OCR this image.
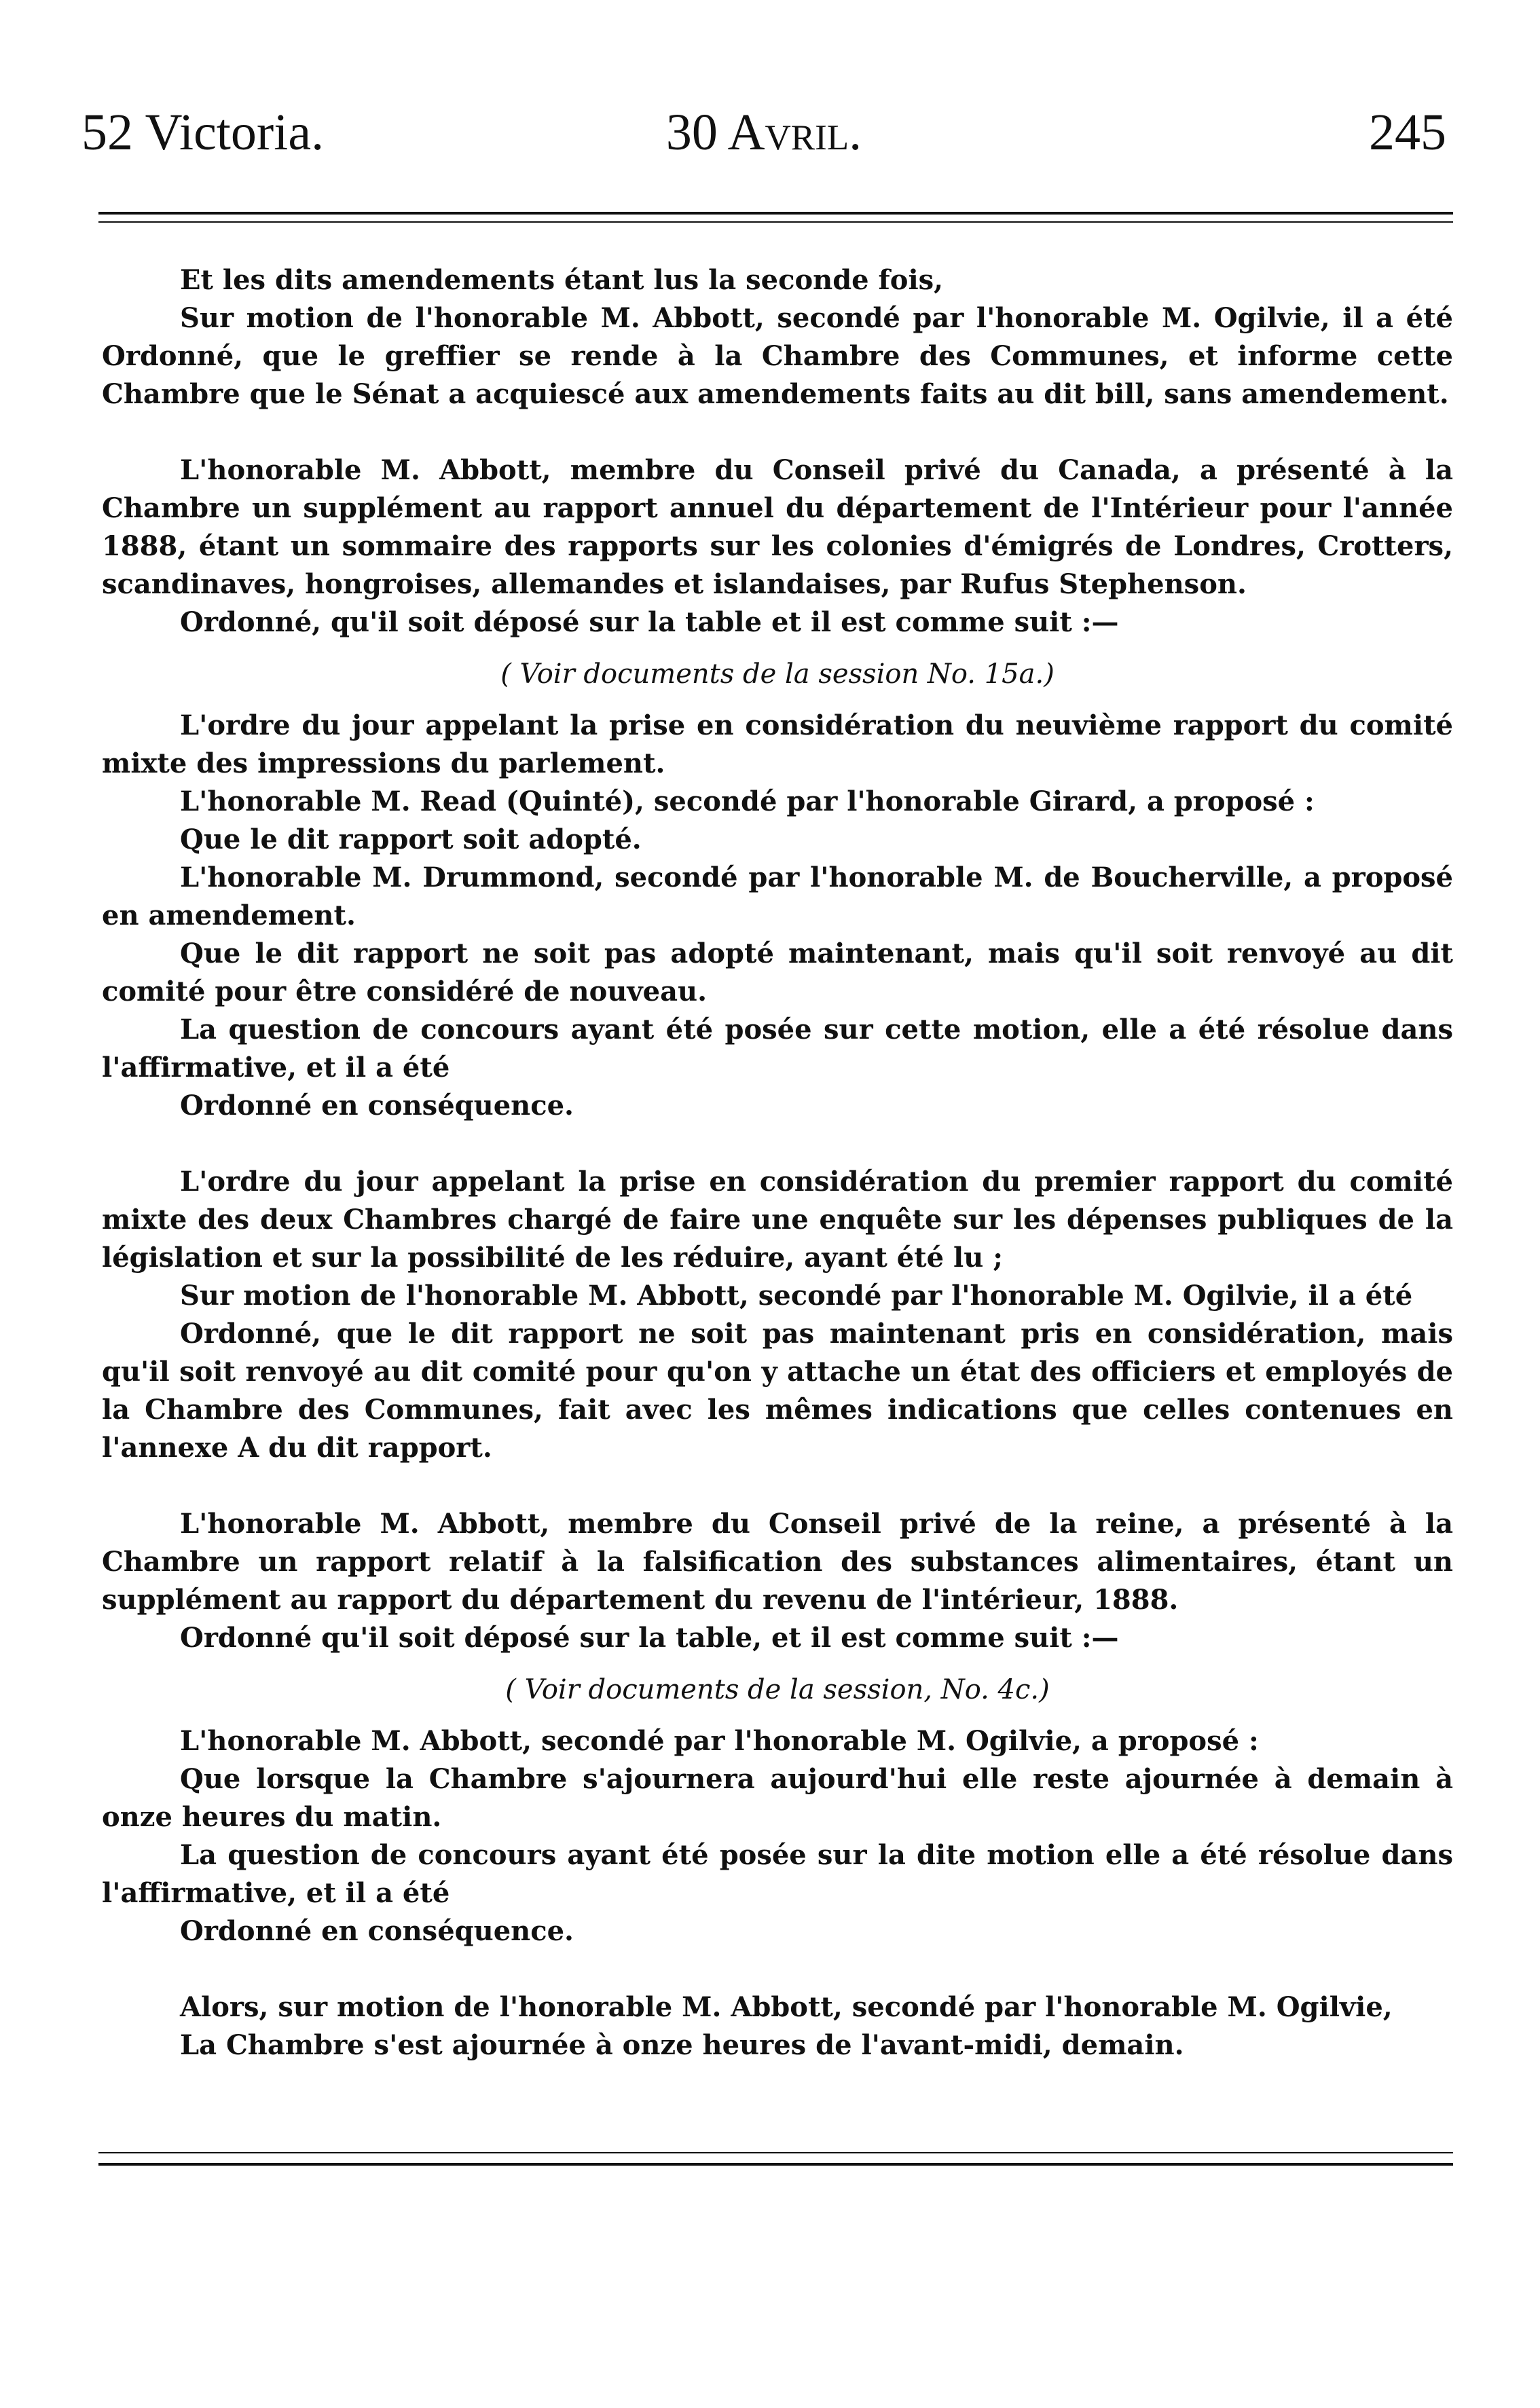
52 Victoria.	30 Avril.	245

Et les dits amendements étant lus la seconde fois,

Sur motion de l'honorable M. Abbott, secondé par l'honorable M. Ogilvie, il a été Ordonné, que le greffier se rende à la Chambre des Communes, et informe cette Chambre que le Sénat a acquiescé aux amendements faits au dit bill, sans amendement.

L'honorable M. Abbott, membre du Conseil privé du Canada, a présenté à la Chambre un supplément au rapport annuel du département de l'Intérieur pour l'année 1888, étant un sommaire des rapports sur les colonies d'émigrés de Londres, Crotters, scandinaves, hongroises, allemandes et islandaises, par Rufus Stephenson.

Ordonné, qu'il soit déposé sur la table et il est comme suit :—

( Voir documents de la session No. 15a.)

L'ordre du jour appelant la prise en considération du neuvième rapport du comité mixte des impressions du parlement.

L'honorable M. Read (Quinté), secondé par l'honorable Girard, a proposé :

Que le dit rapport soit adopté.

L'honorable M. Drummond, secondé par l'honorable M. de Boucherville, a proposé en amendement.

Que le dit rapport ne soit pas adopté maintenant, mais qu'il soit renvoyé au dit comité pour être considéré de nouveau.

La question de concours ayant été posée sur cette motion, elle a été résolue dans l'affirmative, et il a été

Ordonné en conséquence.

L'ordre du jour appelant la prise en considération du premier rapport du comité mixte des deux Chambres chargé de faire une enquête sur les dépenses publiques de la législation et sur la possibilité de les réduire, ayant été lu ;

Sur motion de l'honorable M. Abbott, secondé par l'honorable M. Ogilvie, il a été

Ordonné, que le dit rapport ne soit pas maintenant pris en considération, mais qu'il soit renvoyé au dit comité pour qu'on y attache un état des officiers et employés de la Chambre des Communes, fait avec les mêmes indications que celles contenues en l'annexe A du dit rapport.

L'honorable M. Abbott, membre du Conseil privé de la reine, a présenté à la Chambre un rapport relatif à la falsification des substances alimentaires, étant un supplément au rapport du département du revenu de l'intérieur, 1888.

Ordonné qu'il soit déposé sur la table, et il est comme suit :—

( Voir documents de la session, No. 4c.)

L'honorable M. Abbott, secondé par l'honorable M. Ogilvie, a proposé :

Que lorsque la Chambre s'ajournera aujourd'hui elle reste ajournée à demain à onze heures du matin.

La question de concours ayant été posée sur la dite motion elle a été résolue dans l'affirmative, et il a été

Ordonné en conséquence.

Alors, sur motion de l'honorable M. Abbott, secondé par l'honorable M. Ogilvie,

La Chambre s'est ajournée à onze heures de l'avant-midi, demain.
